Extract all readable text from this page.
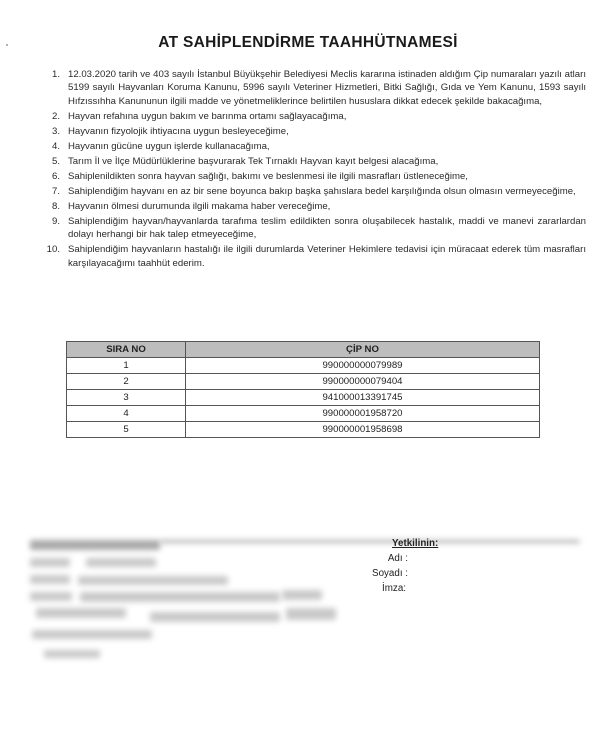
AT SAHİPLENDİRME TAAHHÜTNAMESİ
1. 12.03.2020 tarih ve 403 sayılı İstanbul Büyükşehir Belediyesi Meclis kararına istinaden aldığım Çip numaraları yazılı atları 5199 sayılı Hayvanları Koruma Kanunu, 5996 sayılı Veteriner Hizmetleri, Bitki Sağlığı, Gıda ve Yem Kanunu, 1593 sayılı Hıfzıssıhha Kanununun ilgili madde ve yönetmeliklerince belirtilen hususlara dikkat edecek şekilde bakacağıma,
2. Hayvan refahına uygun bakım ve barınma ortamı sağlayacağıma,
3. Hayvanın fizyolojik ihtiyacına uygun besleyeceğime,
4. Hayvanın gücüne uygun işlerde kullanacağıma,
5. Tarım İl ve İlçe Müdürlüklerine başvurarak Tek Tırnaklı Hayvan kayıt belgesi alacağıma,
6. Sahiplenildikten sonra hayvan sağlığı, bakımı ve beslenmesi ile ilgili masrafları üstleneceğime,
7. Sahiplendiğim hayvanı en az bir sene boyunca bakıp başka şahıslara bedel karşılığında olsun olmasın vermeyeceğime,
8. Hayvanın ölmesi durumunda ilgili makama haber vereceğime,
9. Sahiplendiğim hayvan/hayvanlarda tarafıma teslim edildikten sonra oluşabilecek hastalık, maddi ve manevi zararlardan dolayı herhangi bir hak talep etmeyeceğime,
10. Sahiplendiğim hayvanların hastalığı ile ilgili durumlarda Veteriner Hekimlere tedavisi için müracaat ederek tüm masrafları karşılayacağımı taahhüt ederim.
SIRA NO	ÇİP NO
1	990000000079989
2	990000000079404
3	941000013391745
4	990000001958720
5	990000001958698
Yetkilinin:
Adı :
Soyadı :
İmza:
